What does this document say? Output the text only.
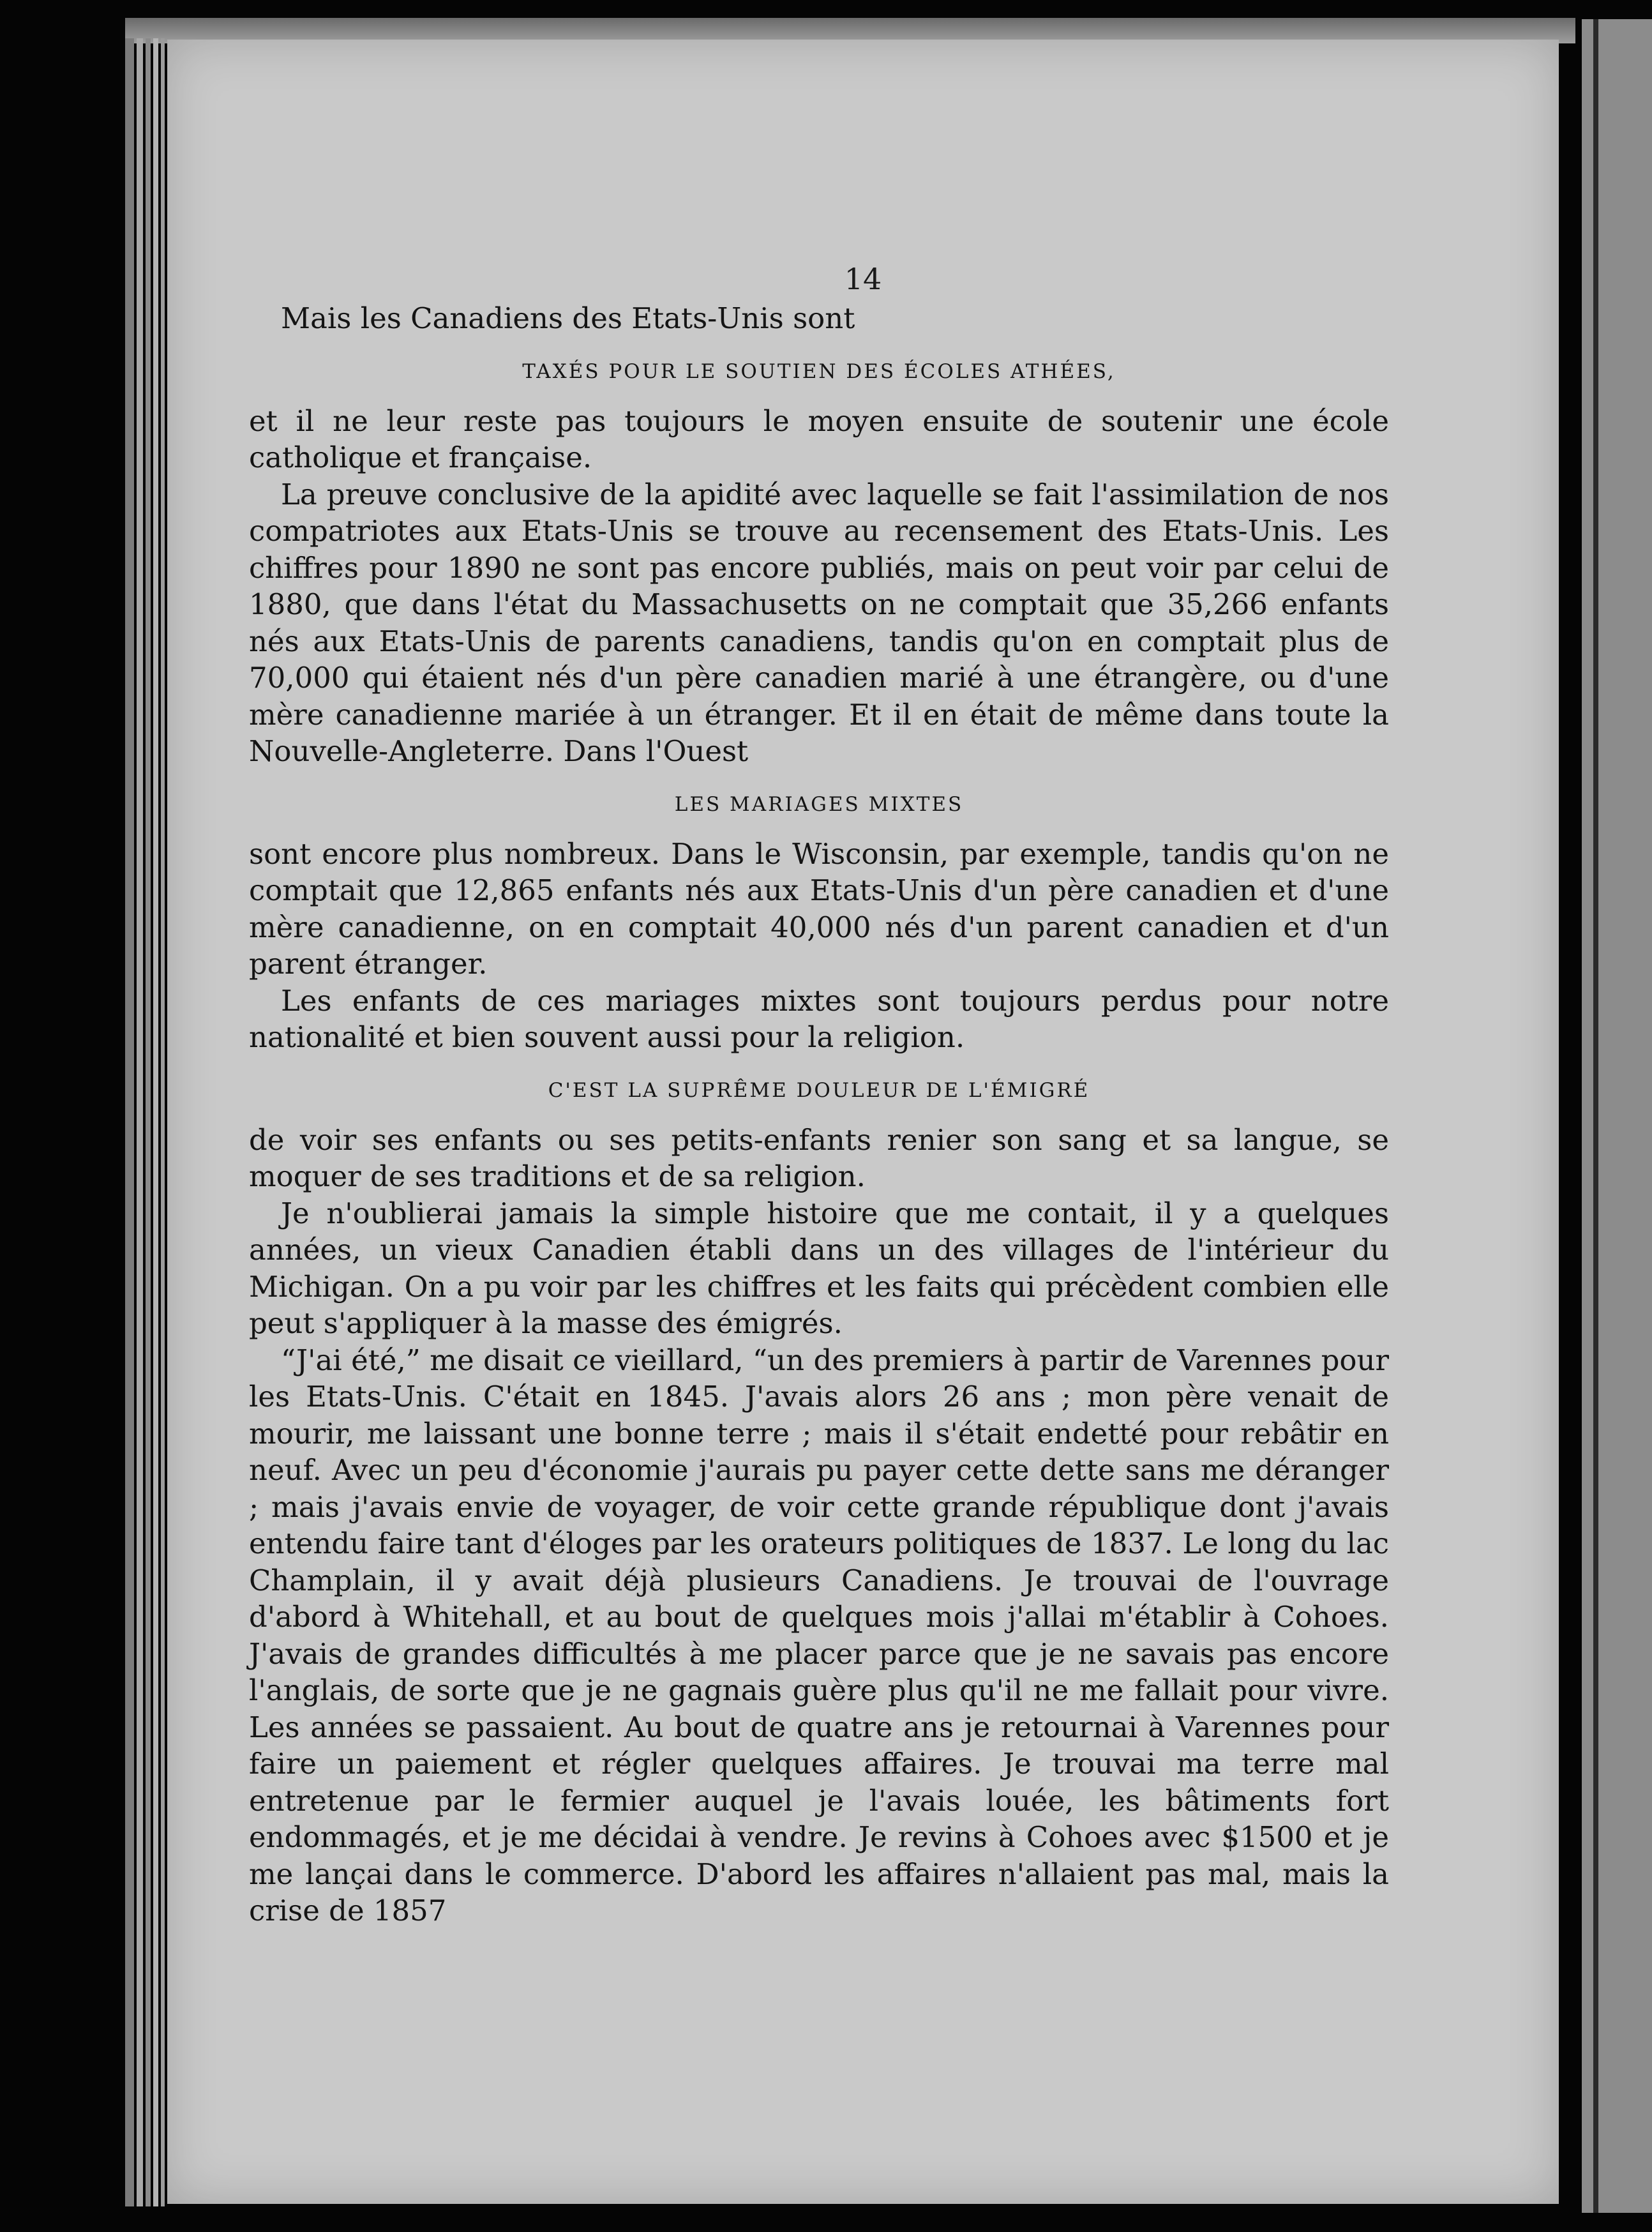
14

Mais les Canadiens des Etats-Unis sont

TAXÉS POUR LE SOUTIEN DES ÉCOLES ATHÉES,

et il ne leur reste pas toujours le moyen ensuite de soutenir une école catholique et française.

La preuve conclusive de la apidité avec laquelle se fait l'assimilation de nos compatriotes aux Etats-Unis se trouve au recensement des Etats-Unis. Les chiffres pour 1890 ne sont pas encore publiés, mais on peut voir par celui de 1880, que dans l'état du Massachusetts on ne comptait que 35,266 enfants nés aux Etats-Unis de parents canadiens, tandis qu'on en comptait plus de 70,000 qui étaient nés d'un père canadien marié à une étrangère, ou d'une mère canadienne mariée à un étranger. Et il en était de même dans toute la Nouvelle-Angleterre. Dans l'Ouest

LES MARIAGES MIXTES

sont encore plus nombreux. Dans le Wisconsin, par exemple, tandis qu'on ne comptait que 12,865 enfants nés aux Etats-Unis d'un père canadien et d'une mère canadienne, on en comptait 40,000 nés d'un parent canadien et d'un parent étranger.

Les enfants de ces mariages mixtes sont toujours perdus pour notre nationalité et bien souvent aussi pour la religion.

C'EST LA SUPRÊME DOULEUR DE L'ÉMIGRÉ

de voir ses enfants ou ses petits-enfants renier son sang et sa langue, se moquer de ses traditions et de sa religion.

Je n'oublierai jamais la simple histoire que me contait, il y a quelques années, un vieux Canadien établi dans un des villages de l'intérieur du Michigan. On a pu voir par les chiffres et les faits qui précèdent combien elle peut s'appliquer à la masse des émigrés.

“J'ai été,” me disait ce vieillard, “un des premiers à partir de Varennes pour les Etats-Unis. C'était en 1845. J'avais alors 26 ans ; mon père venait de mourir, me laissant une bonne terre ; mais il s'était endetté pour rebâtir en neuf. Avec un peu d'économie j'aurais pu payer cette dette sans me déranger ; mais j'avais envie de voyager, de voir cette grande république dont j'avais entendu faire tant d'éloges par les orateurs politiques de 1837. Le long du lac Champlain, il y avait déjà plusieurs Canadiens. Je trouvai de l'ouvrage d'abord à Whitehall, et au bout de quelques mois j'allai m'établir à Cohoes. J'avais de grandes difficultés à me placer parce que je ne savais pas encore l'anglais, de sorte que je ne gagnais guère plus qu'il ne me fallait pour vivre. Les années se passaient. Au bout de quatre ans je retournai à Varennes pour faire un paiement et régler quelques affaires. Je trouvai ma terre mal entretenue par le fermier auquel je l'avais louée, les bâtiments fort endommagés, et je me décidai à vendre. Je revins à Cohoes avec $1500 et je me lançai dans le commerce. D'abord les affaires n'allaient pas mal, mais la crise de 1857
